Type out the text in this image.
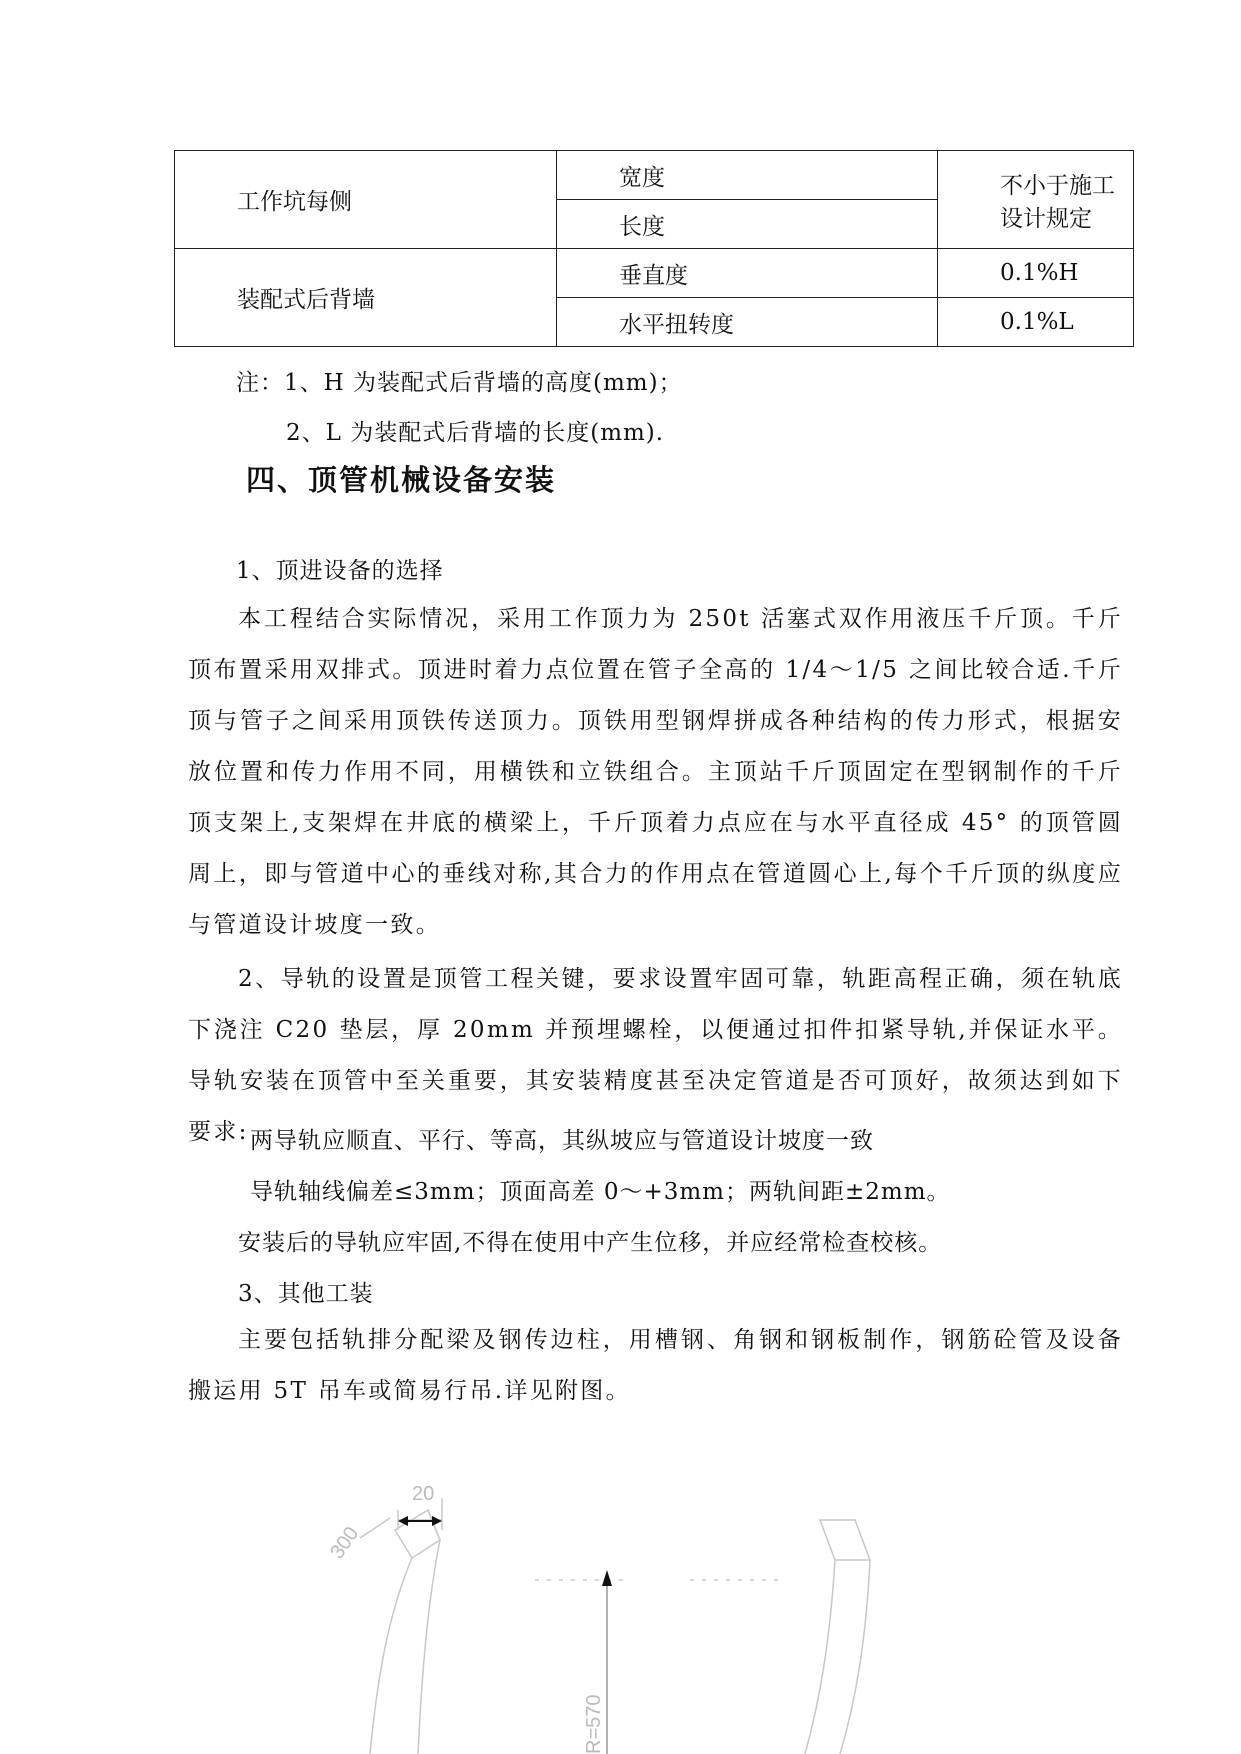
工作坑每侧	宽度	不小于施工设计规定
	长度	
装配式后背墙	垂直度	0.1%H
	水平扭转度	0.1%L
注：1、H 为装配式后背墙的高度(mm)；
2、L 为装配式后背墙的长度(mm).
四、顶管机械设备安装
1、顶进设备的选择
本工程结合实际情况，采用工作顶力为 250t 活塞式双作用液压千斤顶。千斤顶布置采用双排式。顶进时着力点位置在管子全高的 1/4～1/5 之间比较合适.千斤顶与管子之间采用顶铁传送顶力。顶铁用型钢焊拼成各种结构的传力形式，根据安放位置和传力作用不同，用横铁和立铁组合。主顶站千斤顶固定在型钢制作的千斤顶支架上,支架焊在井底的横梁上，千斤顶着力点应在与水平直径成 45° 的顶管圆周上，即与管道中心的垂线对称,其合力的作用点在管道圆心上,每个千斤顶的纵度应与管道设计坡度一致。
2、导轨的设置是顶管工程关键，要求设置牢固可靠，轨距高程正确，须在轨底下浇注 C20 垫层，厚 20mm 并预埋螺栓，以便通过扣件扣紧导轨,并保证水平。导轨安装在顶管中至关重要，其安装精度甚至决定管道是否可顶好，故须达到如下要求: 两导轨应顺直、平行、等高，其纵坡应与管道设计坡度一致
导轨轴线偏差≤3mm；顶面高差 0～+3mm；两轨间距±2mm。
安装后的导轨应牢固,不得在使用中产生位移，并应经常检查校核。
3、其他工装
主要包括轨排分配梁及钢传边柱，用槽钢、角钢和钢板制作，钢筋砼管及设备搬运用 5T 吊车或简易行吊.详见附图。
20
300
R=570
